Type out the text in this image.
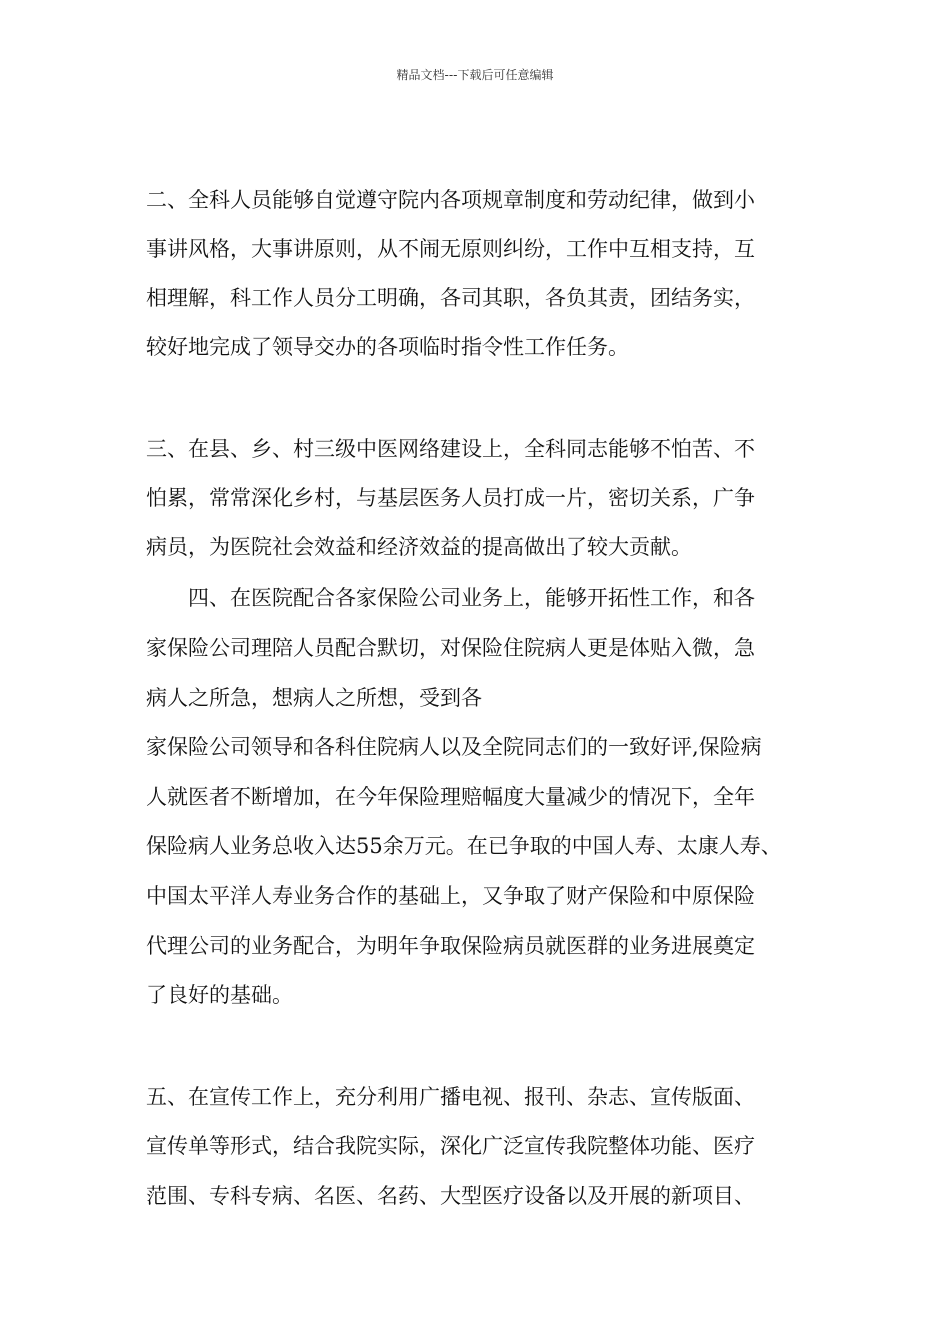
精品文档---下载后可任意编辑
二、全科人员能够自觉遵守院内各项规章制度和劳动纪律，做到小
事讲风格，大事讲原则，从不闹无原则纠纷，工作中互相支持，互
相理解，科工作人员分工明确，各司其职，各负其责，团结务实，
较好地完成了领导交办的各项临时指令性工作任务。
三、在县、乡、村三级中医网络建设上，全科同志能够不怕苦、不
怕累，常常深化乡村，与基层医务人员打成一片，密切关系，广争
病员，为医院社会效益和经济效益的提高做出了较大贡献。
　　四、在医院配合各家保险公司业务上，能够开拓性工作，和各
家保险公司理陪人员配合默切，对保险住院病人更是体贴入微，急
病人之所急，想病人之所想，受到各
家保险公司领导和各科住院病人以及全院同志们的一致好评,保险病
人就医者不断增加，在今年保险理赔幅度大量减少的情况下，全年
保险病人业务总收入达55余万元。在已争取的中国人寿、太康人寿、
中国太平洋人寿业务合作的基础上，又争取了财产保险和中原保险
代理公司的业务配合，为明年争取保险病员就医群的业务进展奠定
了良好的基础。
五、在宣传工作上，充分利用广播电视、报刊、杂志、宣传版面、
宣传单等形式，结合我院实际，深化广泛宣传我院整体功能、医疗
范围、专科专病、名医、名药、大型医疗设备以及开展的新项目、
